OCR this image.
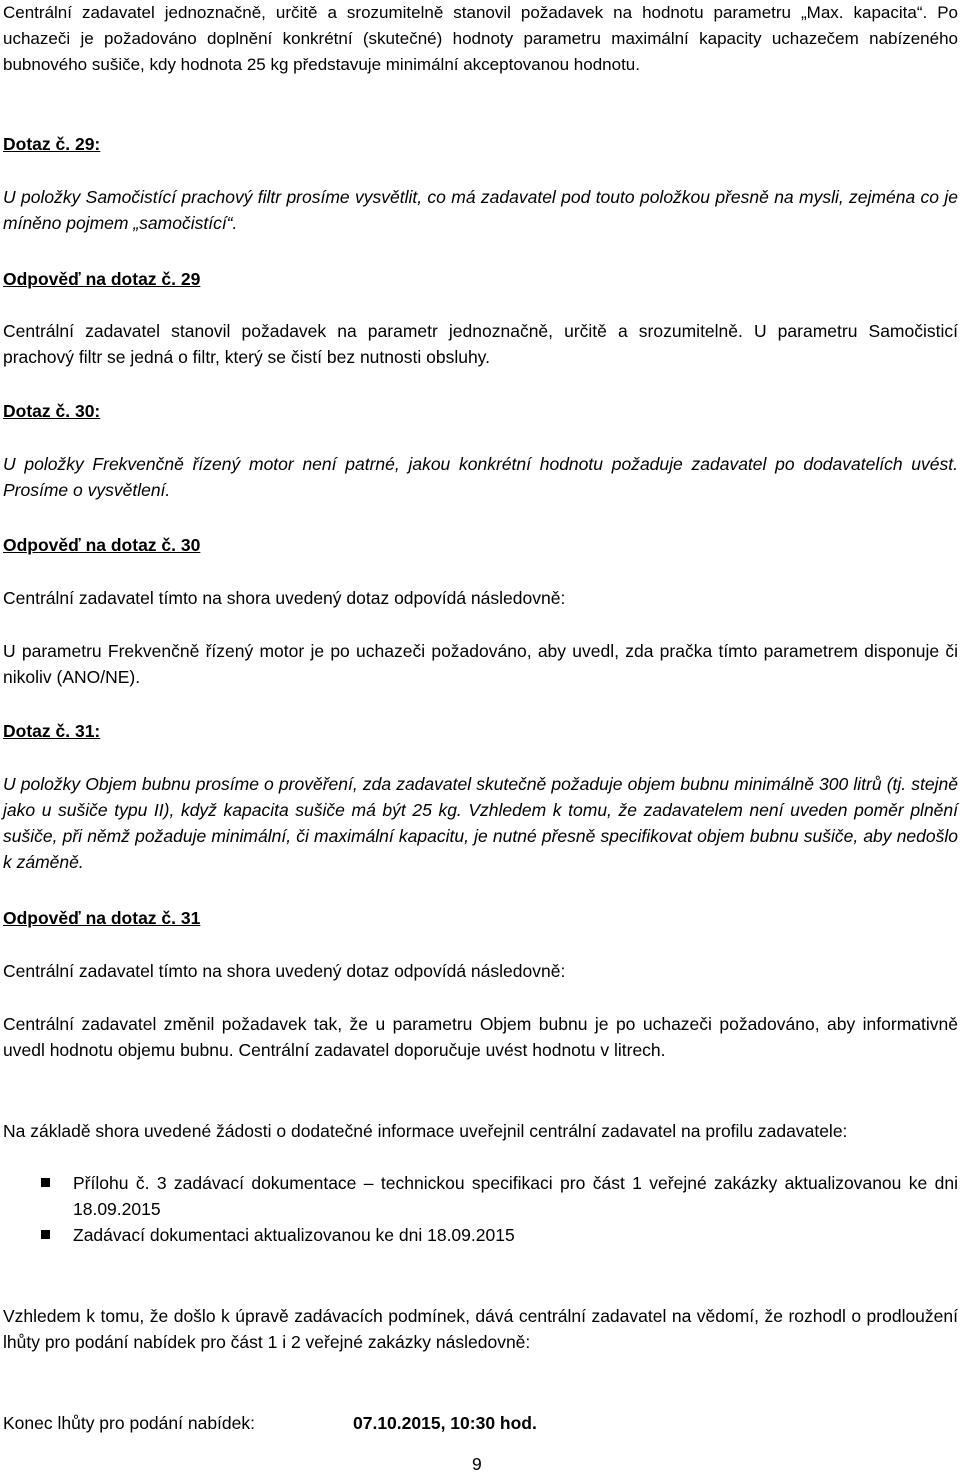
Centrální zadavatel jednoznačně, určitě a srozumitelně stanovil požadavek na hodnotu parametru „Max. kapacita“. Po uchazeči je požadováno doplnění konkrétní (skutečné) hodnoty parametru maximální kapacity uchazečem nabízeného bubnového sušiče, kdy hodnota 25 kg představuje minimální akceptovanou hodnotu.

Dotaz č. 29:

U položky Samočistící prachový filtr prosíme vysvětlit, co má zadavatel pod touto položkou přesně na mysli, zejména co je míněno pojmem „samočistící“.

Odpověď na dotaz č. 29

Centrální zadavatel stanovil požadavek na parametr jednoznačně, určitě a srozumitelně. U parametru Samočisticí prachový filtr se jedná o filtr, který se čistí bez nutnosti obsluhy.

Dotaz č. 30:

U položky Frekvenčně řízený motor není patrné, jakou konkrétní hodnotu požaduje zadavatel po dodavatelích uvést. Prosíme o vysvětlení.

Odpověď na dotaz č. 30

Centrální zadavatel tímto na shora uvedený dotaz odpovídá následovně:

U parametru Frekvenčně řízený motor je po uchazeči požadováno, aby uvedl, zda pračka tímto parametrem disponuje či nikoliv (ANO/NE).

Dotaz č. 31:

U položky Objem bubnu prosíme o prověření, zda zadavatel skutečně požaduje objem bubnu minimálně 300 litrů (tj. stejně jako u sušiče typu II), když kapacita sušiče má být 25 kg. Vzhledem k tomu, že zadavatelem není uveden poměr plnění sušiče, při němž požaduje minimální, či maximální kapacitu, je nutné přesně specifikovat objem bubnu sušiče, aby nedošlo k záměně.

Odpověď na dotaz č. 31

Centrální zadavatel tímto na shora uvedený dotaz odpovídá následovně:

Centrální zadavatel změnil požadavek tak, že u parametru Objem bubnu je po uchazeči požadováno, aby informativně uvedl hodnotu objemu bubnu. Centrální zadavatel doporučuje uvést hodnotu v litrech.

Na základě shora uvedené žádosti o dodatečné informace uveřejnil centrální zadavatel na profilu zadavatele:

Přílohu č. 3 zadávací dokumentace – technickou specifikaci pro část 1 veřejné zakázky aktualizovanou ke dni 18.09.2015
Zadávací dokumentaci aktualizovanou ke dni 18.09.2015

Vzhledem k tomu, že došlo k úpravě zadávacích podmínek, dává centrální zadavatel na vědomí, že rozhodl o prodloužení lhůty pro podání nabídek pro část 1 i 2 veřejné zakázky následovně:

Konec lhůty pro podání nabídek:	07.10.2015, 10:30 hod.
9
